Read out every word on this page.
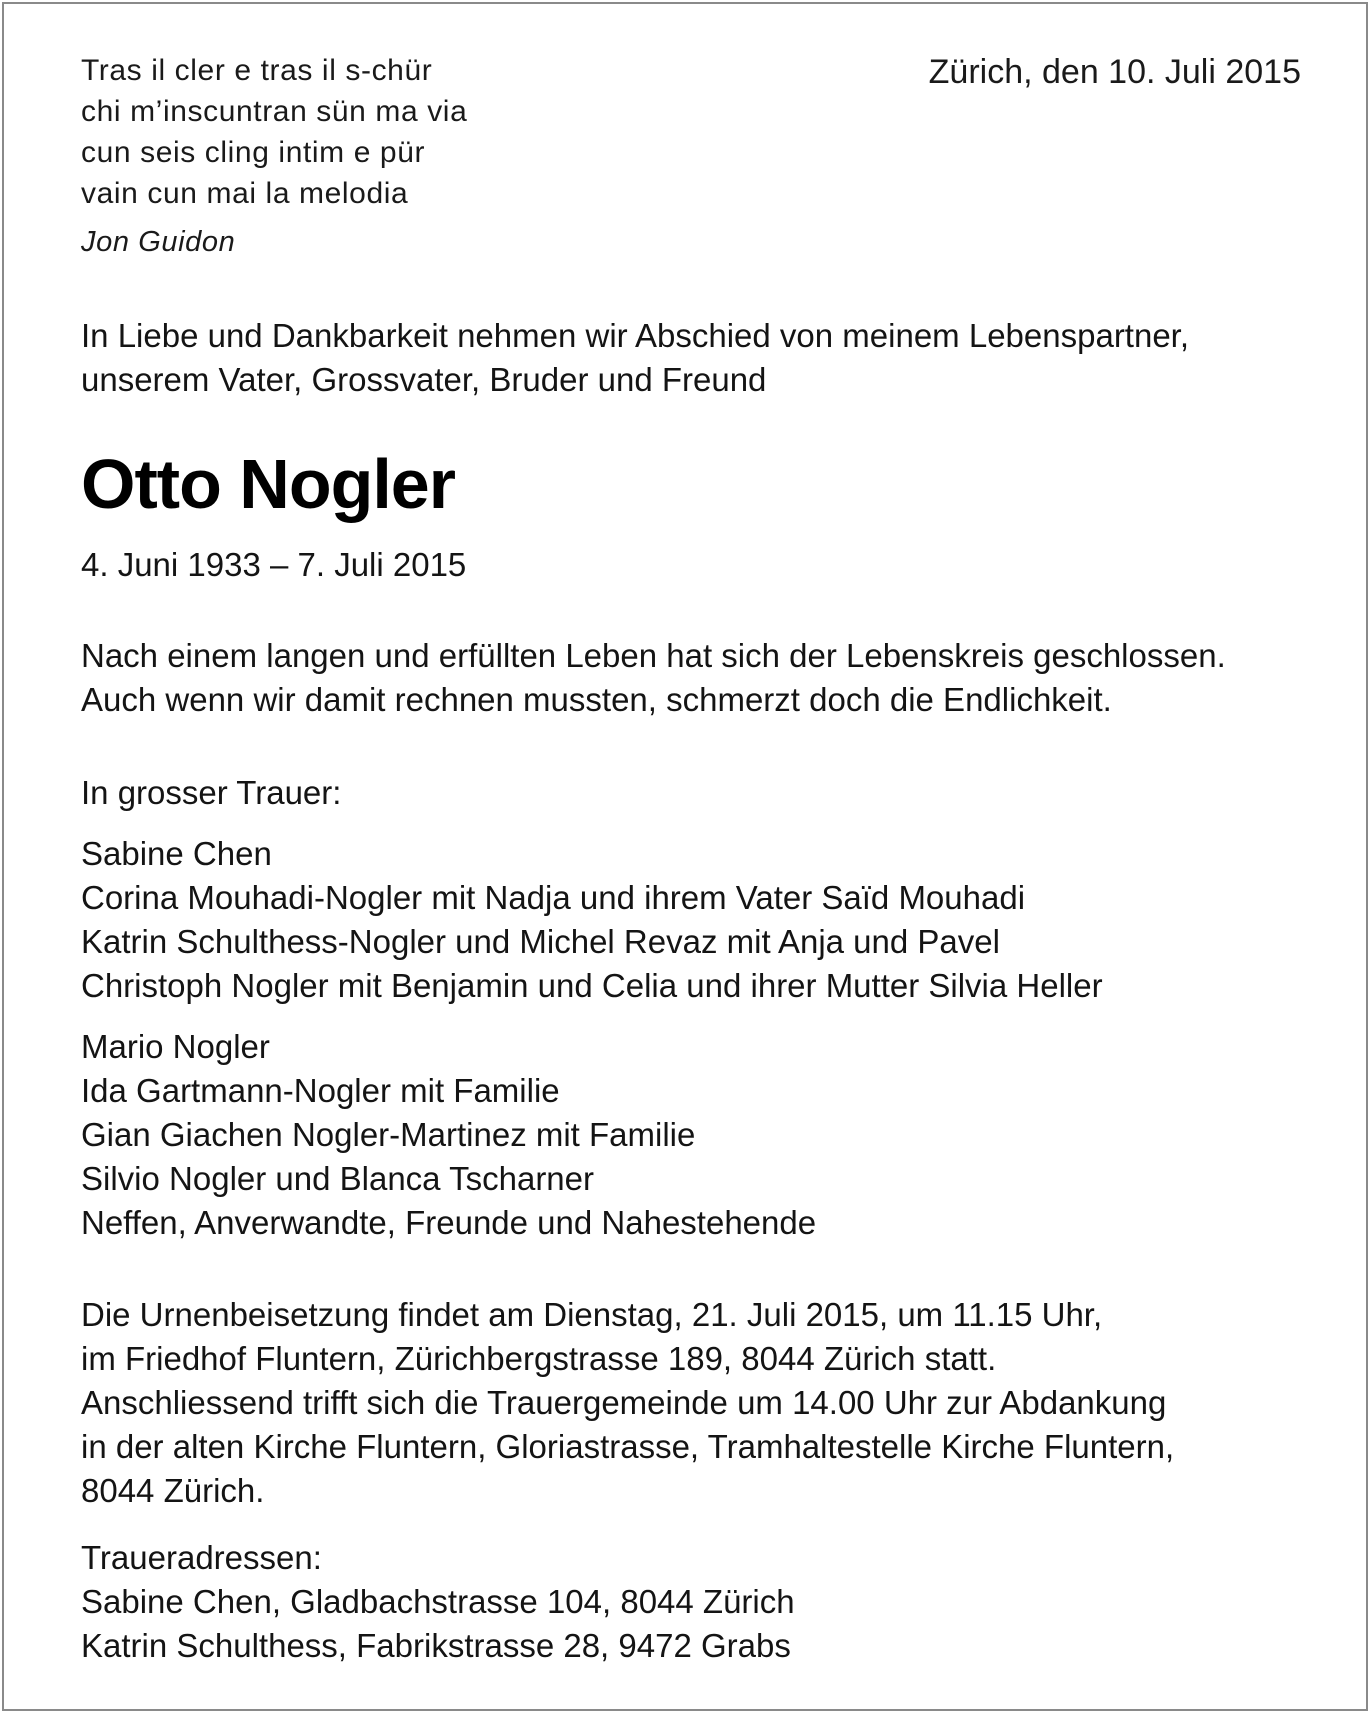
Tras il cler e tras il s-chür
chi m’inscuntran sün ma via
cun seis cling intim e pür
vain cun mai la melodia
Jon Guidon
Zürich, den 10. Juli 2015
In Liebe und Dankbarkeit nehmen wir Abschied von meinem Lebenspartner,
unserem Vater, Grossvater, Bruder und Freund
Otto Nogler
4. Juni 1933 – 7. Juli 2015
Nach einem langen und erfüllten Leben hat sich der Lebenskreis geschlossen.
Auch wenn wir damit rechnen mussten, schmerzt doch die Endlichkeit.
In grosser Trauer:
Sabine Chen
Corina Mouhadi-Nogler mit Nadja und ihrem Vater Saïd Mouhadi
Katrin Schulthess-Nogler und Michel Revaz mit Anja und Pavel
Christoph Nogler mit Benjamin und Celia und ihrer Mutter Silvia Heller
Mario Nogler
Ida Gartmann-Nogler mit Familie
Gian Giachen Nogler-Martinez mit Familie
Silvio Nogler und Blanca Tscharner
Neffen, Anverwandte, Freunde und Nahestehende
Die Urnenbeisetzung findet am Dienstag, 21. Juli 2015, um 11.15 Uhr,
im Friedhof Fluntern, Zürichbergstrasse 189, 8044 Zürich statt.
Anschliessend trifft sich die Trauergemeinde um 14.00 Uhr zur Abdankung
in der alten Kirche Fluntern, Gloriastrasse, Tramhaltestelle Kirche Fluntern,
8044 Zürich.
Traueradressen:
Sabine Chen, Gladbachstrasse 104, 8044 Zürich
Katrin Schulthess, Fabrikstrasse 28, 9472 Grabs
